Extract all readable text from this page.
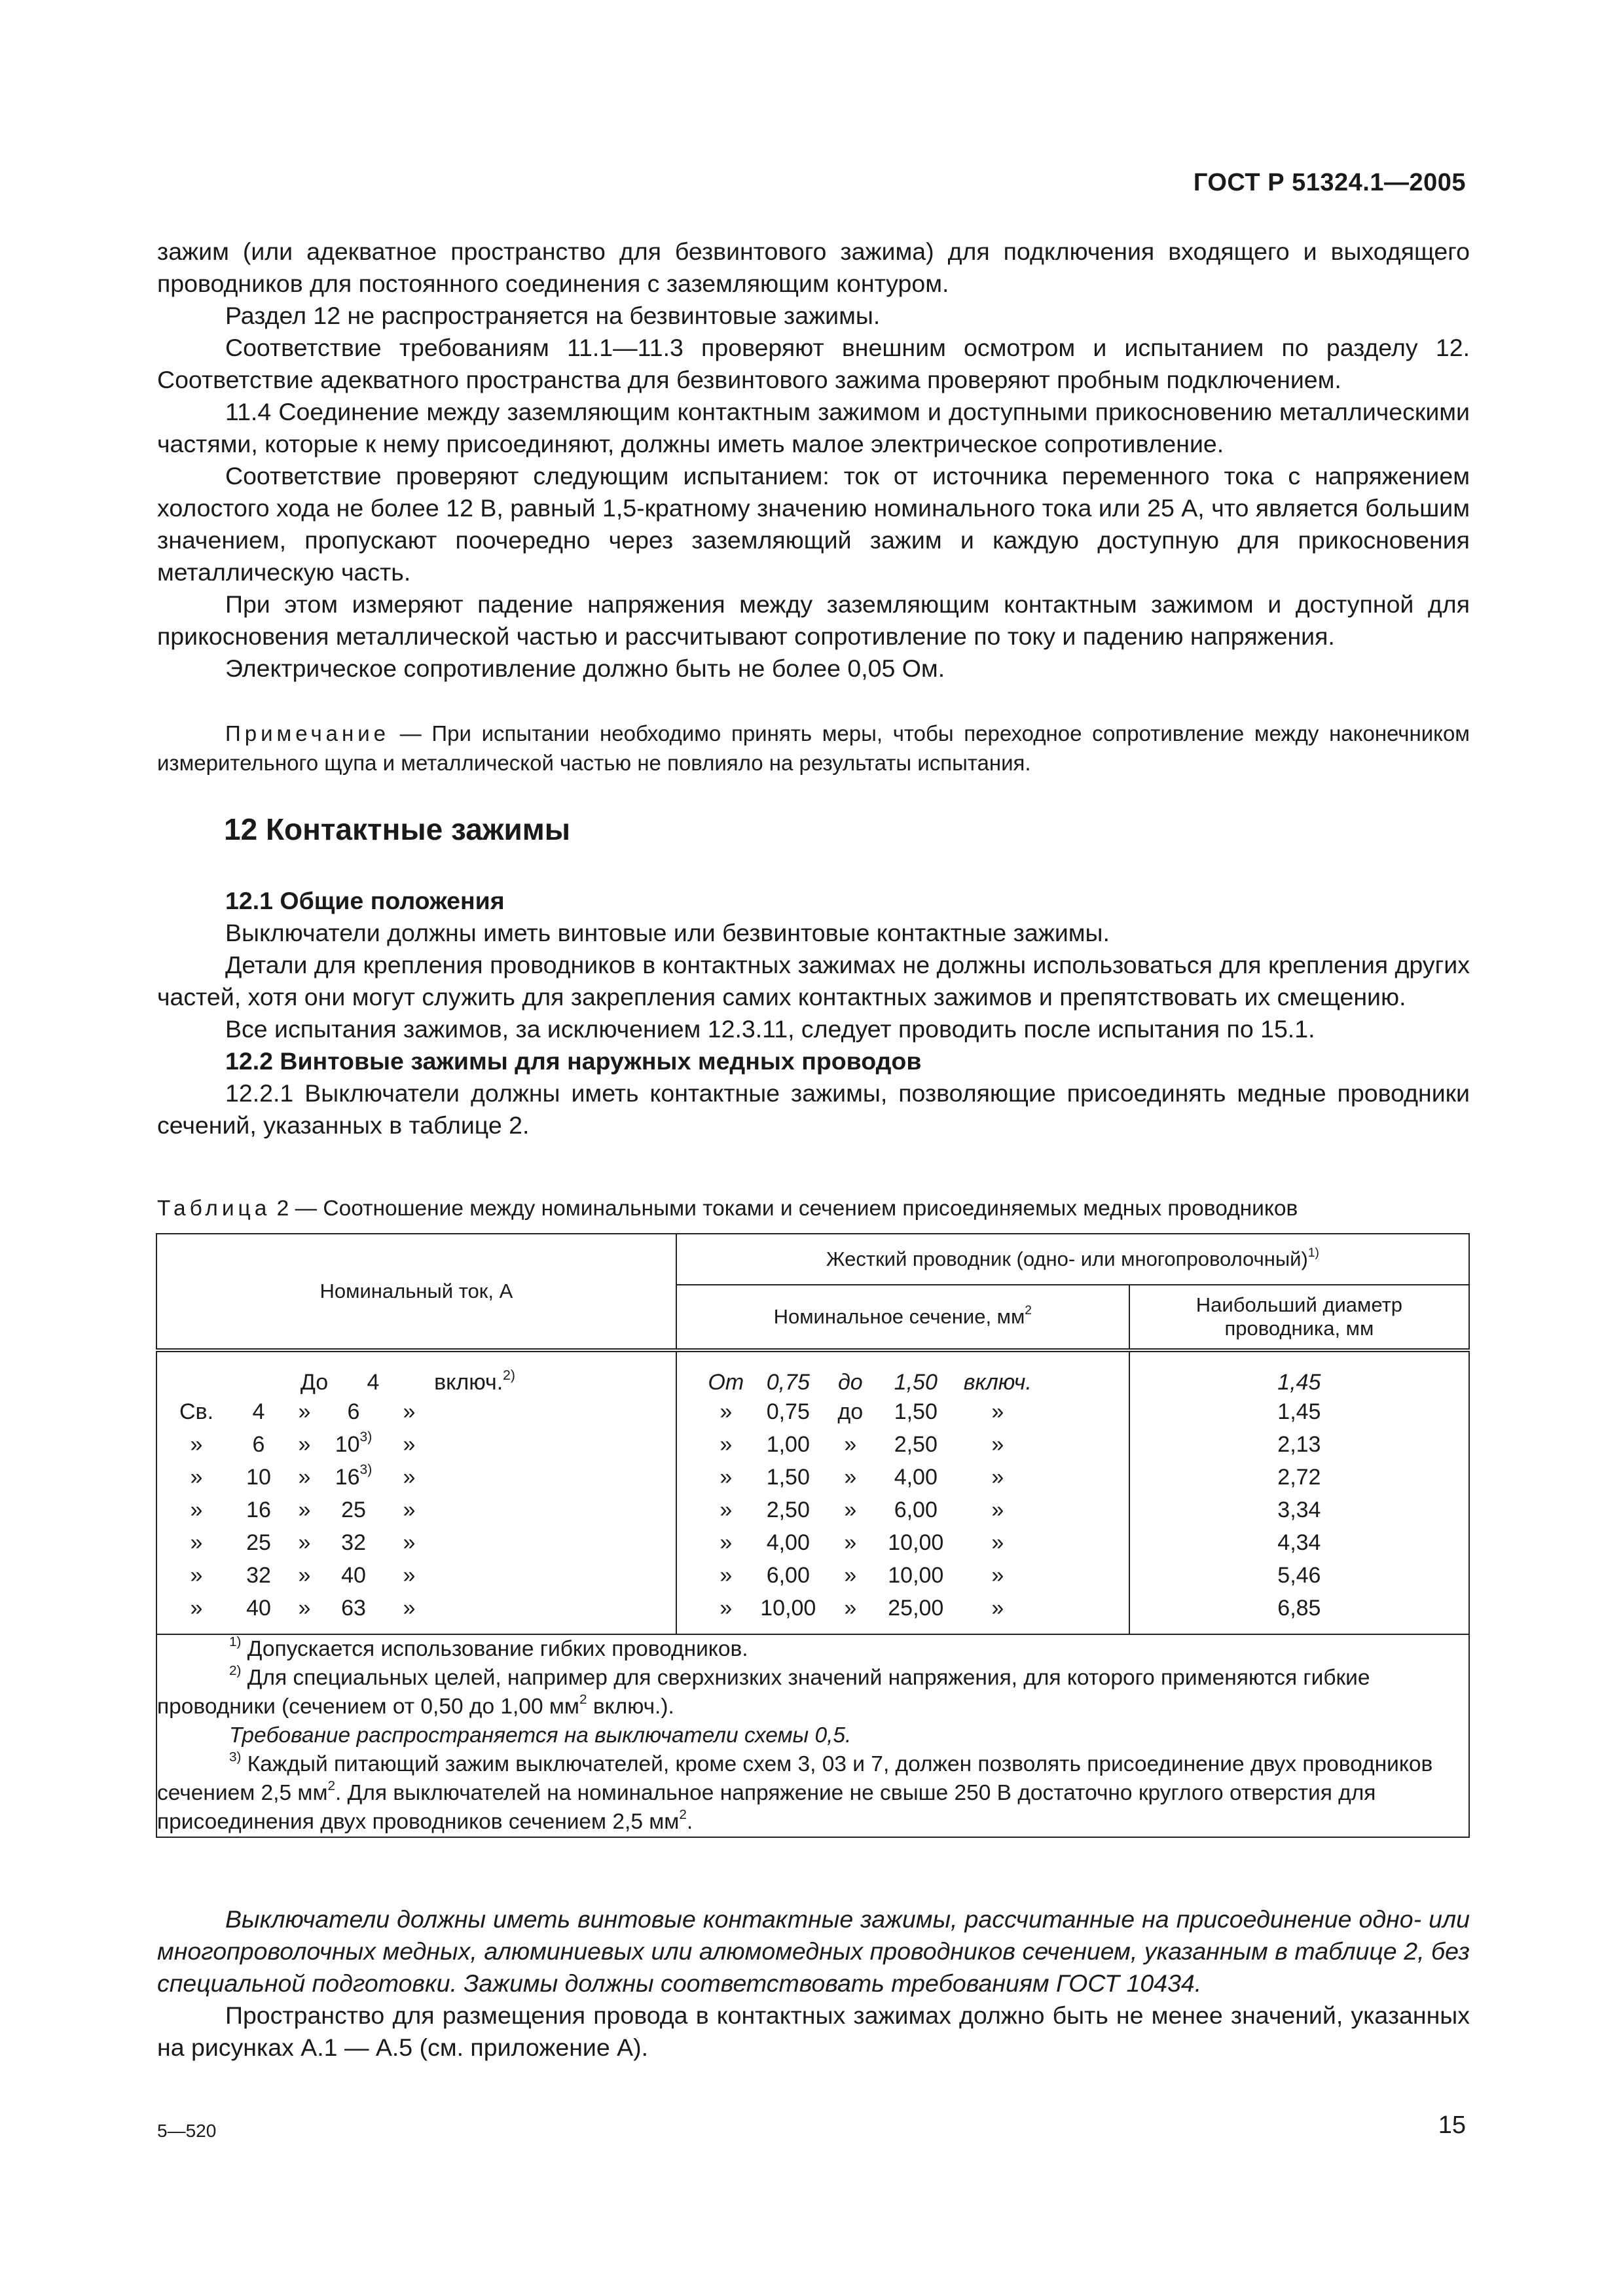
ГОСТ Р 51324.1—2005

зажим (или адекватное пространство для безвинтового зажима) для подключения входящего и выходящего проводников для постоянного соединения с заземляющим контуром.

Раздел 12 не распространяется на безвинтовые зажимы.

Соответствие требованиям 11.1—11.3 проверяют внешним осмотром и испытанием по разделу 12. Соответствие адекватного пространства для безвинтового зажима проверяют пробным подключением.

11.4 Соединение между заземляющим контактным зажимом и доступными прикосновению металлическими частями, которые к нему присоединяют, должны иметь малое электрическое сопротивление.

Соответствие проверяют следующим испытанием: ток от источника переменного тока с напряжением холостого хода не более 12 В, равный 1,5-кратному значению номинального тока или 25 А, что является большим значением, пропускают поочередно через заземляющий зажим и каждую доступную для прикосновения металлическую часть.

При этом измеряют падение напряжения между заземляющим контактным зажимом и доступной для прикосновения металлической частью и рассчитывают сопротивление по току и падению напряжения.

Электрическое сопротивление должно быть не более 0,05 Ом.

Примечание — При испытании необходимо принять меры, чтобы переходное сопротивление между наконечником измерительного щупа и металлической частью не повлияло на результаты испытания.

12 Контактные зажимы

12.1 Общие положения

Выключатели должны иметь винтовые или безвинтовые контактные зажимы.

Детали для крепления проводников в контактных зажимах не должны использоваться для крепления других частей, хотя они могут служить для закрепления самих контактных зажимов и препятствовать их смещению.

Все испытания зажимов, за исключением 12.3.11, следует проводить после испытания по 15.1.

12.2 Винтовые зажимы для наружных медных проводов

12.2.1 Выключатели должны иметь контактные зажимы, позволяющие присоединять медные проводники сечений, указанных в таблице 2.

Таблица 2 — Соотношение между номинальными токами и сечением присоединяемых медных проводников
Номинальный ток, А	Жесткий проводник (одно- или многопроволочный)$^{1)}$
	Номинальное сечение, $мм^2$	Наибольший диаметр проводника, мм

До 4 включ.$^{2)}$	От 0,75 до 1,50 включ.	1,45

Св. 4 » 6 »	» 0,75 до 1,50 »	1,45

» 6 » 10$^{3)}$ »	» 1,00 » 2,50 »	2,13

» 10 » 16$^{3)}$ »	» 1,50 » 4,00 »	2,72

» 16 » 25 »	» 2,50 » 6,00 »	3,34

» 25 » 32 »	» 4,00 » 10,00 »	4,34

» 32 » 40 »	» 6,00 » 10,00 »	5,46

» 40 » 63 »	» 10,00 » 25,00 »	6,85

$^{1)}$ Допускается использование гибких проводников.

$^{2)}$ Для специальных целей, например для сверхнизких значений напряжения, для которого применяются гибкие проводники (сечением от 0,50 до 1,00 $мм^2$ включ.).

Требование распространяется на выключатели схемы 0,5.

$^{3)}$ Каждый питающий зажим выключателей, кроме схем 3, 03 и 7, должен позволять присоединение двух проводников сечением 2,5 $мм^2$. Для выключателей на номинальное напряжение не свыше 250 В достаточно круглого отверстия для присоединения двух проводников сечением 2,5 $мм^2$.		

Выключатели должны иметь винтовые контактные зажимы, рассчитанные на присоединение одно- или многопроволочных медных, алюминиевых или алюмомедных проводников сечением, указанным в таблице 2, без специальной подготовки. Зажимы должны соответствовать требованиям ГОСТ 10434.

Пространство для размещения провода в контактных зажимах должно быть не менее значений, указанных на рисунках А.1 — А.5 (см. приложение А).

5—520	15
